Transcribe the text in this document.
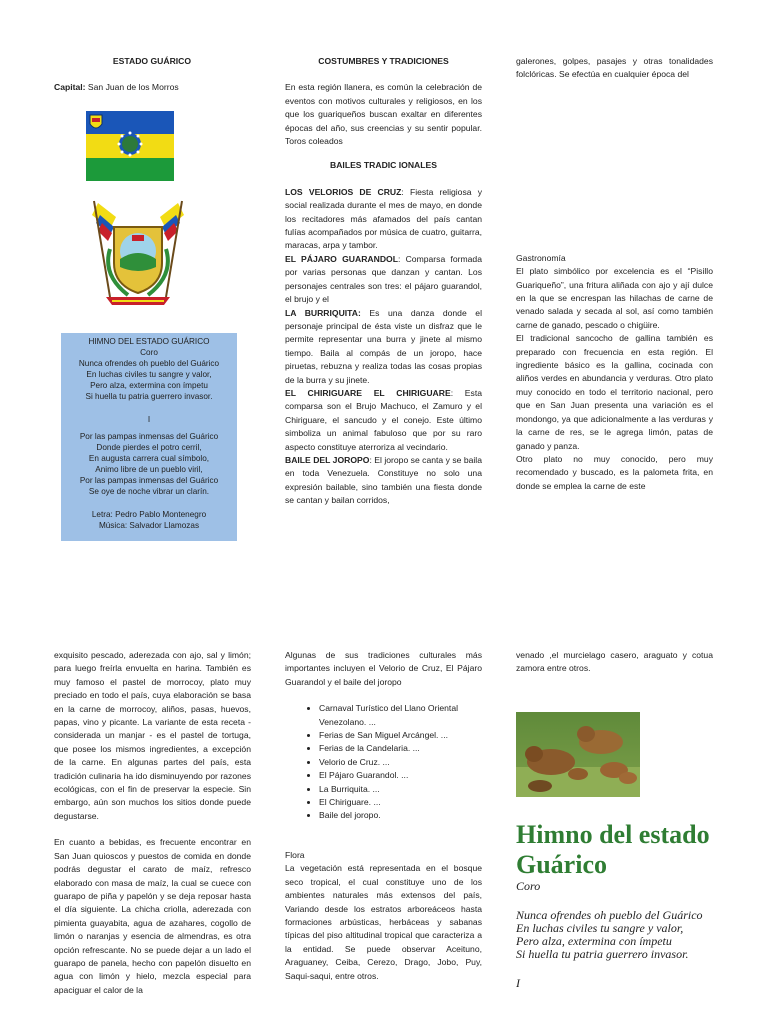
ESTADO GUÁRICO

Capital: San Juan de los Morros

HIMNO DEL ESTADO GUÁRICO
Coro
Nunca ofrendes oh pueblo del Guárico
En luchas civiles tu sangre y valor,
Pero alza, extermina con ímpetu
Si huella tu patria guerrero invasor.
I
Por las pampas inmensas del Guárico
Donde pierdes el potro cerril,
En augusta carrera cual símbolo,
Animo libre de un pueblo viril,
Por las pampas inmensas del Guárico
Se oye de noche vibrar un clarín.
Letra: Pedro Pablo Montenegro
Música: Salvador Llamozas
COSTUMBRES Y TRADICIONES

En esta región llanera, es común la celebración de eventos con motivos culturales y religiosos, en los que los guariqueños buscan exaltar en diferentes épocas del año, sus creencias y su sentir popular. Toros coleados

BAILES TRADIC IONALES

LOS VELORIOS DE CRUZ: Fiesta religiosa y social realizada durante el mes de mayo, en donde los recitadores más afamados del país cantan fulías acompañados por música de cuatro, guitarra, maracas, arpa y tambor.

EL PÁJARO GUARANDOL: Comparsa formada por varias personas que danzan y cantan. Los personajes centrales son tres: el pájaro guarandol, el brujo y el

LA BURRIQUITA: Es una danza donde el personaje principal de ésta viste un disfraz que le permite representar una burra y jinete al mismo tiempo. Baila al compás de un joropo, hace piruetas, rebuzna y realiza todas las cosas propias de la burra y su jinete.

EL CHIRIGUARE EL CHIRIGUARE: Esta comparsa son el Brujo Machuco, el Zamuro y el Chiriguare, el sancudo y el conejo. Este último simboliza un animal fabuloso que por su raro aspecto constituye aterroriza al vecindario.

BAILE DEL JOROPO: El joropo se canta y se baila en toda Venezuela. Constituye no solo una expresión bailable, sino también una fiesta donde se cantan y bailan corridos,

galerones, golpes, pasajes y otras tonalidades folclóricas. Se efectúa en cualquier época del

Gastronomía

El plato simbólico por excelencia es el “Pisillo Guariqueño”, una fritura aliñada con ajo y ají dulce en la que se encrespan las hilachas de carne de venado salada y secada al sol, así como también carne de ganado, pescado o chigüire.

El tradicional sancocho de gallina también es preparado con frecuencia en esta región. El ingrediente básico es la gallina, cocinada con aliños verdes en abundancia y verduras. Otro plato muy conocido en todo el territorio nacional, pero que en San Juan presenta una variación es el mondongo, ya que adicionalmente a las verduras y la carne de res, se le agrega limón, patas de ganado y panza.

Otro plato no muy conocido, pero muy recomendado y buscado, es la palometa frita, en donde se emplea la carne de este

exquisito pescado, aderezada con ajo, sal y limón; para luego freírla envuelta en harina. También es muy famoso el pastel de morrocoy, plato muy preciado en todo el país, cuya elaboración se basa en la carne de morrocoy, aliños, pasas, huevos, papas, vino y picante. La variante de esta receta - considerada un manjar - es el pastel de tortuga, que posee los mismos ingredientes, a excepción de la carne. En algunas partes del país, esta tradición culinaria ha ido disminuyendo por razones ecológicas, con el fin de preservar la especie. Sin embargo, aún son muchos los sitios donde puede degustarse.

En cuanto a bebidas, es frecuente encontrar en San Juan quioscos y puestos de comida en donde podrás degustar el carato de maíz, refresco elaborado con masa de maíz, la cual se cuece con guarapo de piña y papelón y se deja reposar hasta el día siguiente. La chicha criolla, aderezada con pimienta guayabita, agua de azahares, cogollo de limón o naranjas y esencia de almendras, es otra opción refrescante. No se puede dejar a un lado el guarapo de panela, hecho con papelón disuelto en agua con limón y hielo, mezcla especial para apaciguar el calor de la

Algunas de sus tradiciones culturales más importantes incluyen el Velorio de Cruz, El Pájaro Guarandol y el baile del joropo

• Carnaval Turístico del Llano Oriental Venezolano. ...
• Ferias de San Miguel Arcángel. ...
• Ferias de la Candelaria. ...
• Velorio de Cruz. ...
• El Pájaro Guarandol. ...
• La Burriquita. ...
• El Chiriguare. ...
• Baile del joropo.

Flora

La vegetación está representada en el bosque seco tropical, el cual constituye uno de los ambientes naturales más extensos del país, Variando desde los estratos arboreáceos hasta formaciones arbústicas, herbáceas y sabanas típicas del piso altitudinal tropical que caracteriza a la entidad. Se puede observar Aceituno, Araguaney, Ceiba, Cerezo, Drago, Jobo, Puy, Saqui-saqui, entre otros.

venado ,el murcielago casero, araguato y cotua zamora entre otros.

Himno del estado Guárico
Coro
Nunca ofrendes oh pueblo del Guárico
En luchas civiles tu sangre y valor,
Pero alza, extermina con ímpetu
Si huella tu patria guerrero invasor.
I
